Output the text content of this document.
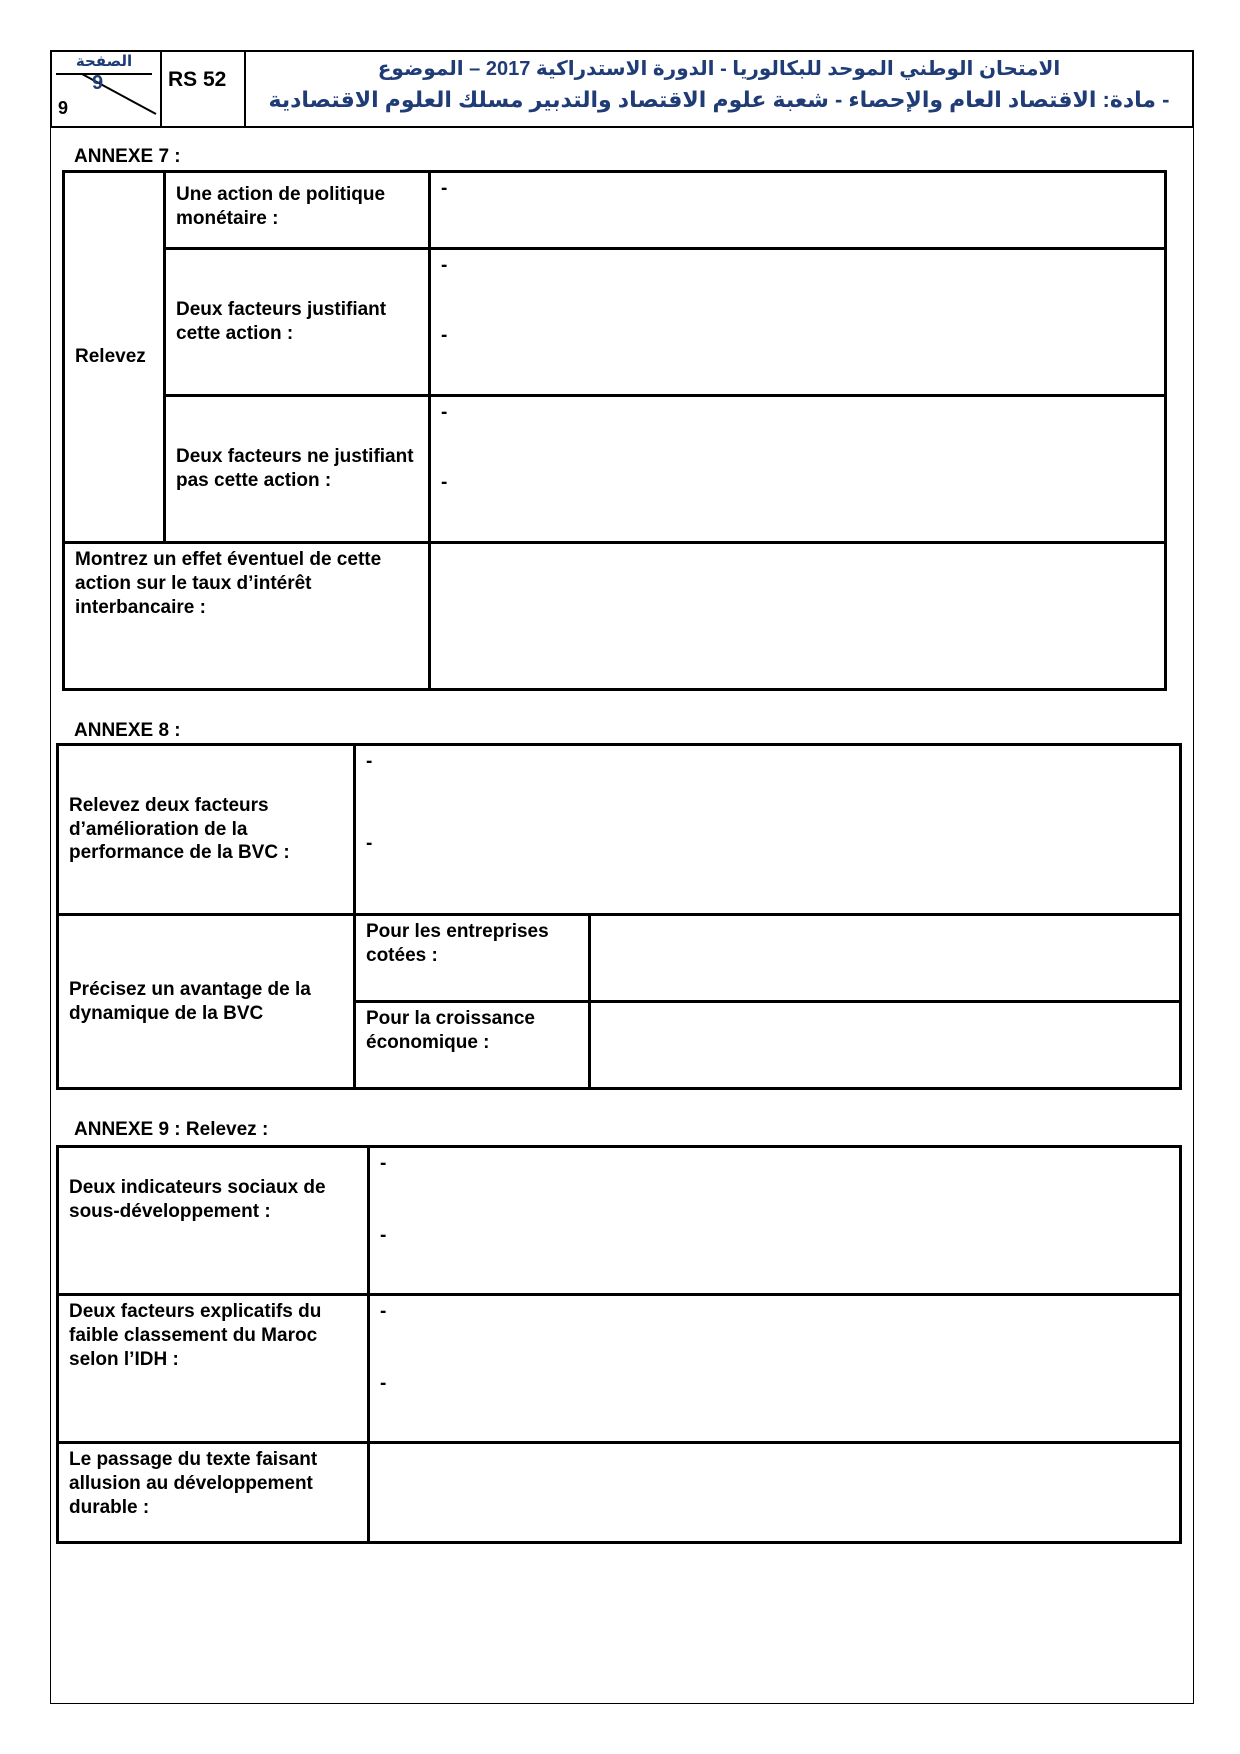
الصفحة
9
9
RS 52	الامتحان الوطني الموحد للبكالوريا - الدورة الاستدراكية 2017 – الموضوع
- مادة: الاقتصاد العام والإحصاء - شعبة علوم الاقتصاد والتدبير مسلك العلوم الاقتصادية
ANNEXE 7 :
Relevez	Une action de politique monétaire :	-

	Deux facteurs justifiant cette action :	-
-

	Deux facteurs ne justifiant pas cette action :	-
-

Montrez un effet éventuel de cette action sur le taux d’intérêt interbancaire :		
ANNEXE 8 :
Relevez deux facteurs d’amélioration de la performance de la BVC :	-
-	

Précisez un avantage de la dynamique de la BVC	Pour les entreprises cotées :	
	Pour la croissance économique :	
ANNEXE 9 : Relevez :
Deux indicateurs sociaux de sous-développement :	-
-

Deux facteurs explicatifs du faible classement du Maroc selon l’IDH :	-
-

Le passage du texte faisant allusion au développement durable :	
